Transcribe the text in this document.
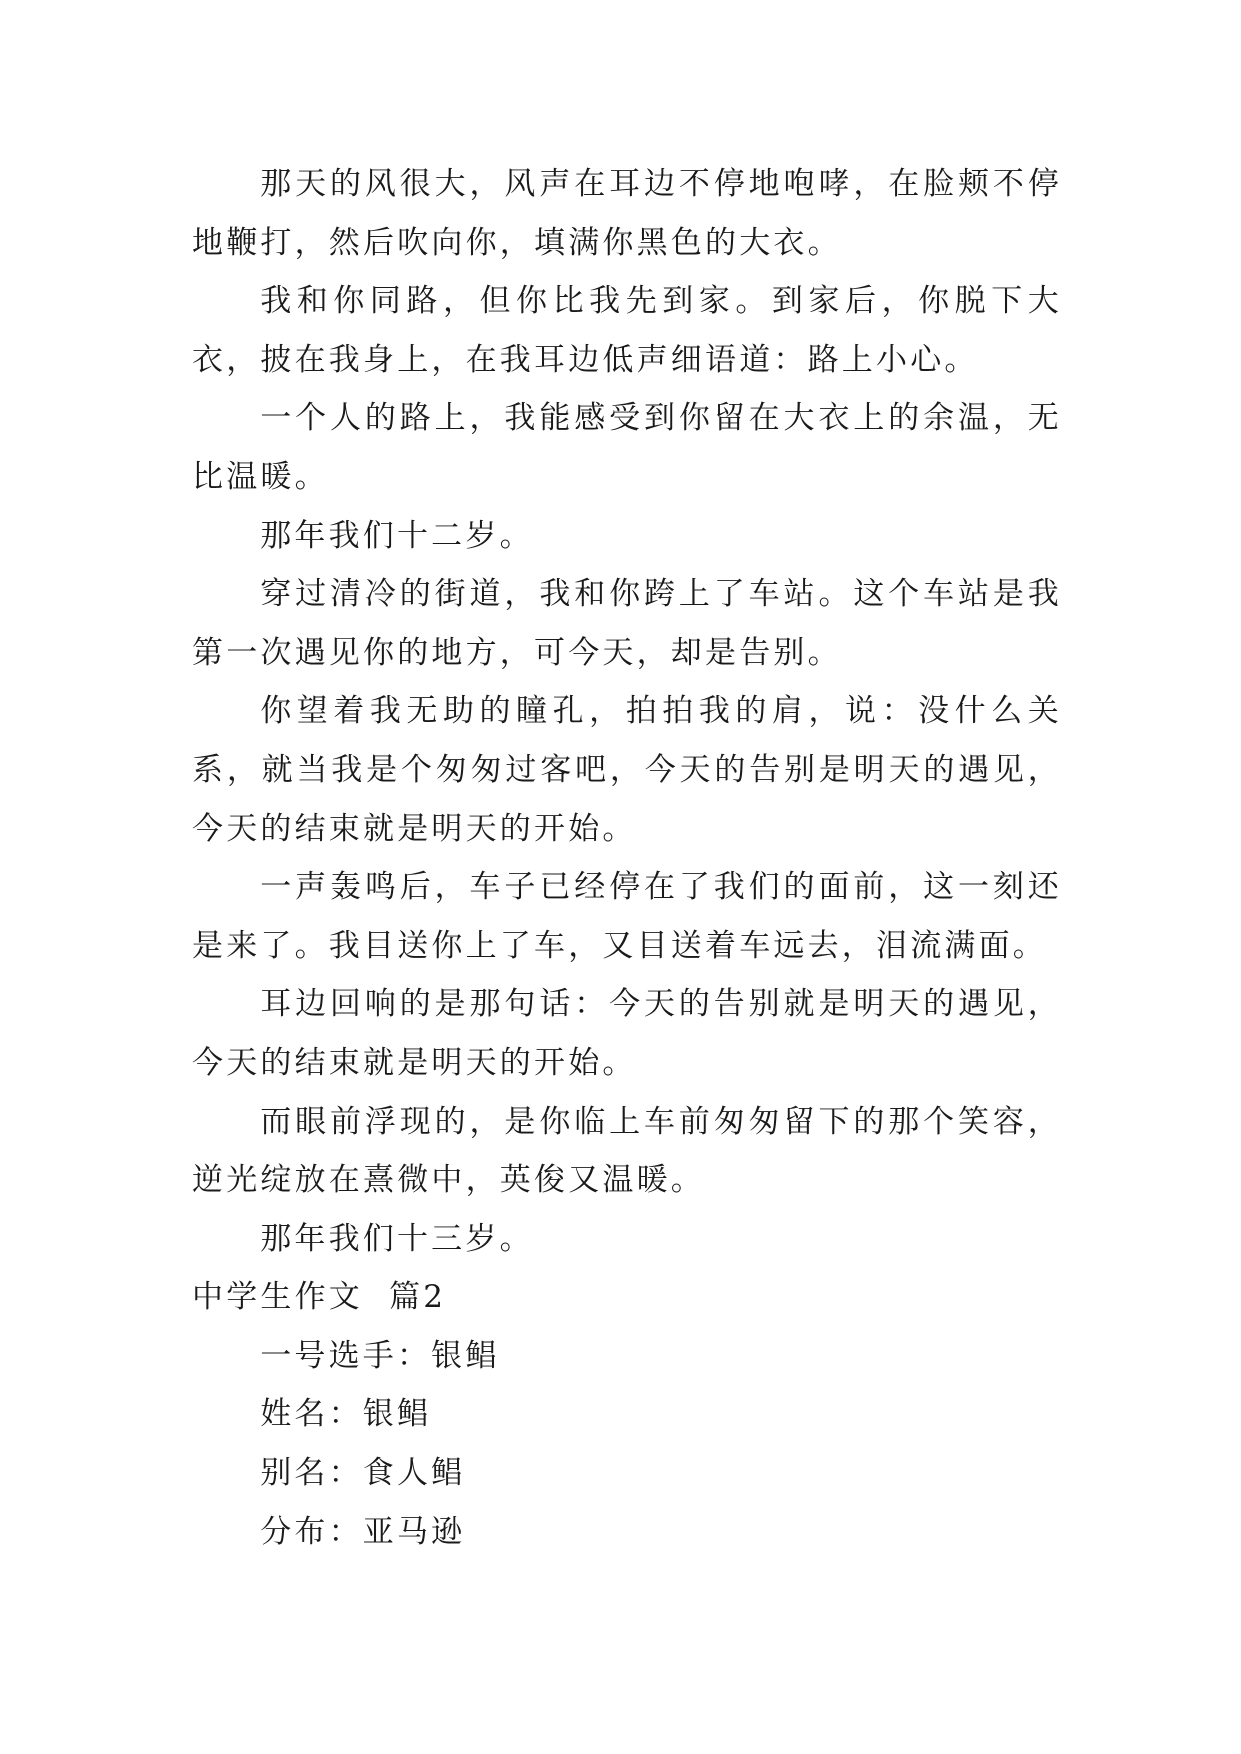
那天的风很大，风声在耳边不停地咆哮，在脸颊不停地鞭打，然后吹向你，填满你黑色的大衣。

我和你同路，但你比我先到家。到家后，你脱下大衣，披在我身上，在我耳边低声细语道：路上小心。

一个人的路上，我能感受到你留在大衣上的余温，无比温暖。

那年我们十二岁。

穿过清冷的街道，我和你跨上了车站。这个车站是我第一次遇见你的地方，可今天，却是告别。

你望着我无助的瞳孔，拍拍我的肩，说：没什么关系，就当我是个匆匆过客吧，今天的告别是明天的遇见，今天的结束就是明天的开始。

一声轰鸣后，车子已经停在了我们的面前，这一刻还是来了。我目送你上了车，又目送着车远去，泪流满面。

耳边回响的是那句话：今天的告别就是明天的遇见，今天的结束就是明天的开始。

而眼前浮现的，是你临上车前匆匆留下的那个笑容，逆光绽放在熹微中，英俊又温暖。

那年我们十三岁。

中学生作文  篇2

一号选手：银鲳

姓名：银鲳

别名：食人鲳

分布：亚马逊
